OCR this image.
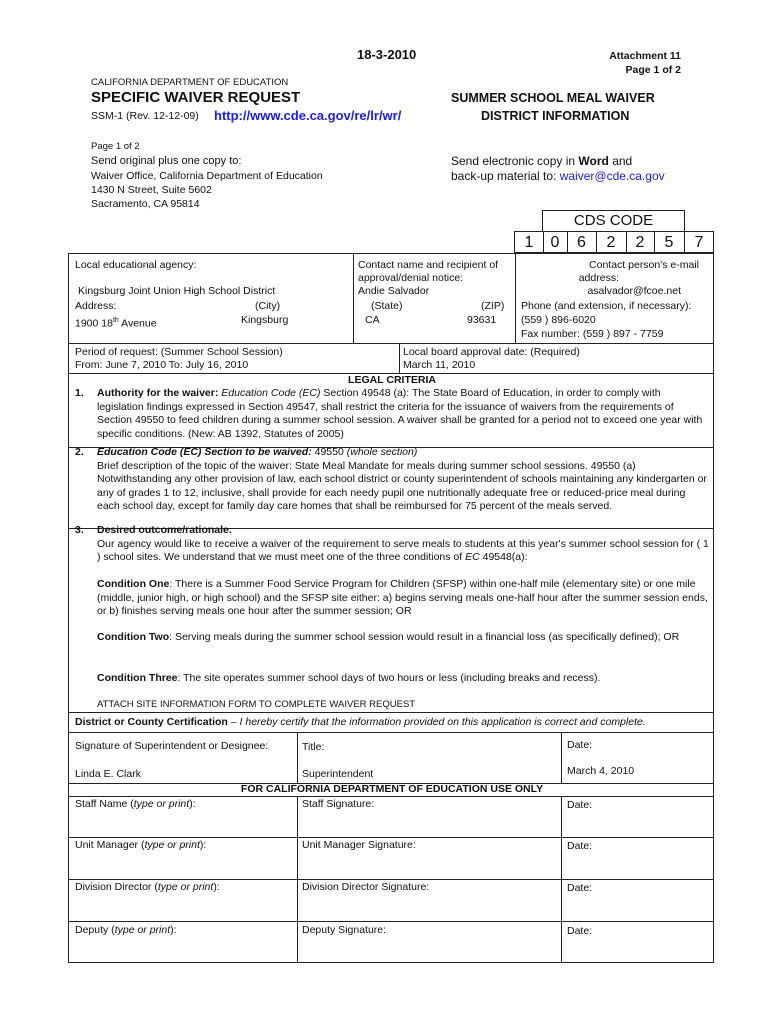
18-3-2010	Attachment 11
Page 1 of 2
CALIFORNIA DEPARTMENT OF EDUCATION
SPECIFIC WAIVER REQUEST
SSM-1 (Rev. 12-12-09) http://www.cde.ca.gov/re/lr/wr/
SUMMER SCHOOL MEAL WAIVER
DISTRICT INFORMATION
Page 1 of 2
Send original plus one copy to:
Waiver Office, California Department of Education
1430 N Street, Suite 5602
Sacramento, CA 95814
Send electronic copy in Word and
back-up material to: waiver@cde.ca.gov
CDS CODE
1	0	6	2	2	5	7
Local educational agency:
Kingsburg Joint Union High School District
Address:
1900 18th Avenue
(City)
Kingsburg
Contact name and recipient of
approval/denial notice:
Andie Salvador
(State)
CA
(ZIP)
93631
Contact person's e-mail
address:
asalvador@fcoe.net
Phone (and extension, if necessary):
(559 ) 896-6020
Fax number: (559 ) 897 - 7759
Period of request: (Summer School Session)
From: June 7, 2010 To: July 16, 2010
Local board approval date: (Required)
March 11, 2010
LEGAL CRITERIA
1. Authority for the waiver: Education Code (EC) Section 49548 (a): The State Board of Education, in order to comply with legislation findings expressed in Section 49547, shall restrict the criteria for the issuance of waivers from the requirements of Section 49550 to feed children during a summer school session. A waiver shall be granted for a period not to exceed one year with specific conditions. (New: AB 1392, Statutes of 2005)
2. Education Code (EC) Section to be waived: 49550 (whole section)
Brief description of the topic of the waiver: State Meal Mandate for meals during summer school sessions. 49550 (a) Notwithstanding any other provision of law, each school district or county superintendent of schools maintaining any kindergarten or any of grades 1 to 12, inclusive, shall provide for each needy pupil one nutritionally adequate free or reduced-price meal during each school day, except for family day care homes that shall be reimbursed for 75 percent of the meals served.
3. Desired outcome/rationale.
Our agency would like to receive a waiver of the requirement to serve meals to students at this year's summer school session for ( 1 ) school sites. We understand that we must meet one of the three conditions of EC 49548(a):
Condition One: There is a Summer Food Service Program for Children (SFSP) within one-half mile (elementary site) or one mile (middle, junior high, or high school) and the SFSP site either: a) begins serving meals one-half hour after the summer session ends, or b) finishes serving meals one hour after the summer session; OR
Condition Two: Serving meals during the summer school session would result in a financial loss (as specifically defined); OR
Condition Three: The site operates summer school days of two hours or less (including breaks and recess).
ATTACH SITE INFORMATION FORM TO COMPLETE WAIVER REQUEST
District or County Certification – I hereby certify that the information provided on this application is correct and complete.
Signature of Superintendent or Designee:
Linda E. Clark
Title:
Superintendent
Date:
March 4, 2010
FOR CALIFORNIA DEPARTMENT OF EDUCATION USE ONLY
Staff Name (type or print):	Staff Signature:	Date:
Unit Manager (type or print):	Unit Manager Signature:	Date:
Division Director (type or print):	Division Director Signature:	Date:
Deputy (type or print):	Deputy Signature:	Date:
